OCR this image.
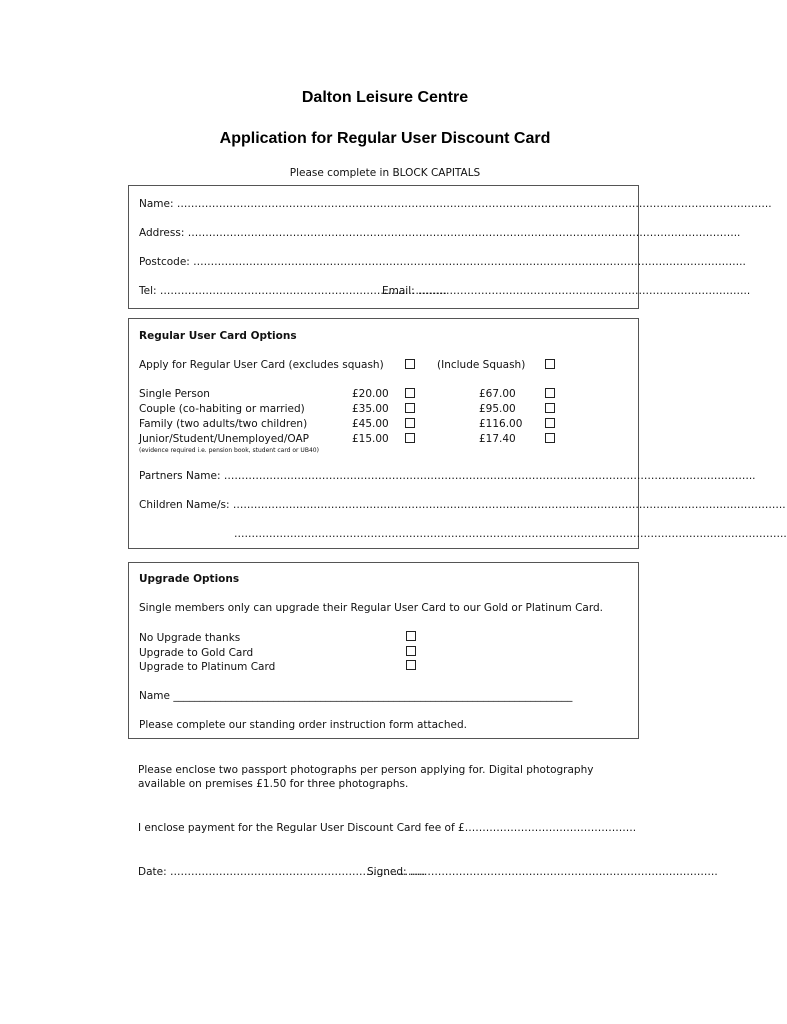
Dalton Leisure Centre
Application for Regular User Discount Card
Please complete in BLOCK CAPITALS
Name: ……………………………………………………………………………………………………………………………………………………..
Address: …………………………………………………………………………………………………………………………………………..
Postcode: …………………………………………………………………………………………………………………………………………..
Tel: ……………………………………………………………………….
Email: …………………………………………………………………………………..
Regular User Card Options
Apply for Regular User Card (excludes squash)	(Include Squash)
Single Person	£20.00	£67.00
Couple (co-habiting or married)	£35.00	£95.00
Family (two adults/two children)	£45.00	£116.00
Junior/Student/Unemployed/OAP	£15.00	£17.40
(evidence required i.e. pension book, student card or UB40)
Partners Name: ……………………………………………………………………………………………………………………………………..
Children Name/s: …………………………………………………………………………………………………………………………………………..
…………………………………………………………………………………………………………………………………………..
Upgrade Options
Single members only can upgrade their Regular User Card to our Gold or Platinum Card.
No Upgrade thanks
Upgrade to Gold Card
Upgrade to Platinum Card
Name ____________________________________________________________________________
Please complete our standing order instruction form attached.
Please enclose two passport photographs per person applying for. Digital photography
available on premises £1.50 for three photographs.
I enclose payment for the Regular User Discount Card fee of £………………………………………….
Date: ……………………………………………………………….
Signed: …………………………………………………………………………….
